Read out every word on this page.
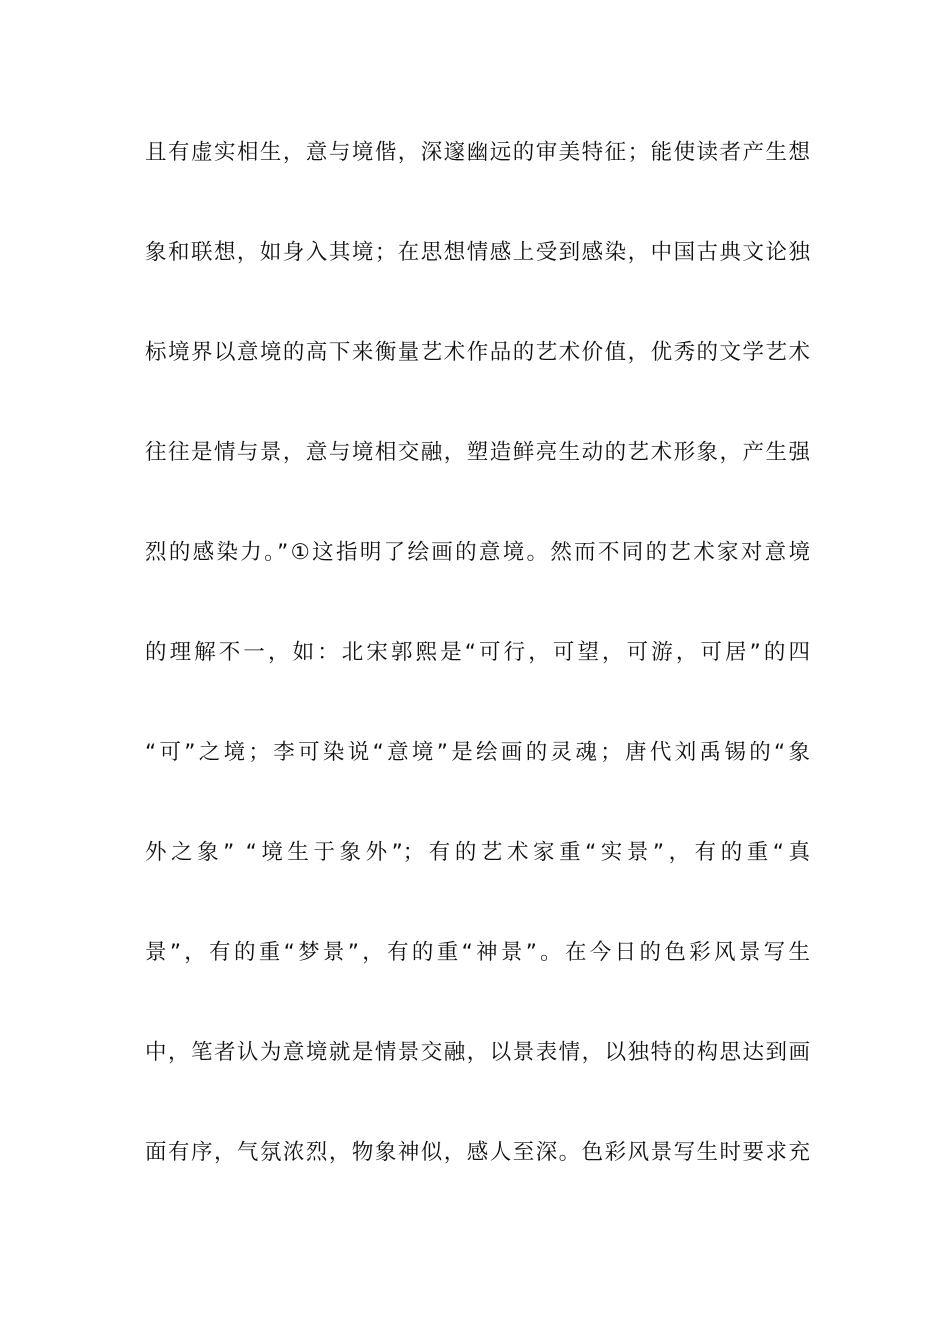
且有虚实相生，意与境偕，深邃幽远的审美特征；能使读者产生想
象和联想，如身入其境；在思想情感上受到感染，中国古典文论独
标境界以意境的高下来衡量艺术作品的艺术价值，优秀的文学艺术
往往是情与景，意与境相交融，塑造鲜亮生动的艺术形象，产生强
烈的感染力。”①这指明了绘画的意境。然而不同的艺术家对意境
的理解不一，如：北宋郭熙是“可行，可望，可游，可居”的四
“可”之境；李可染说“意境”是绘画的灵魂；唐代刘禹锡的“象
外之象” “境生于象外”；有的艺术家重“实景”，有的重“真
景”，有的重“梦景”，有的重“神景”。在今日的色彩风景写生
中，笔者认为意境就是情景交融，以景表情，以独特的构思达到画
面有序，气氛浓烈，物象神似，感人至深。色彩风景写生时要求充
